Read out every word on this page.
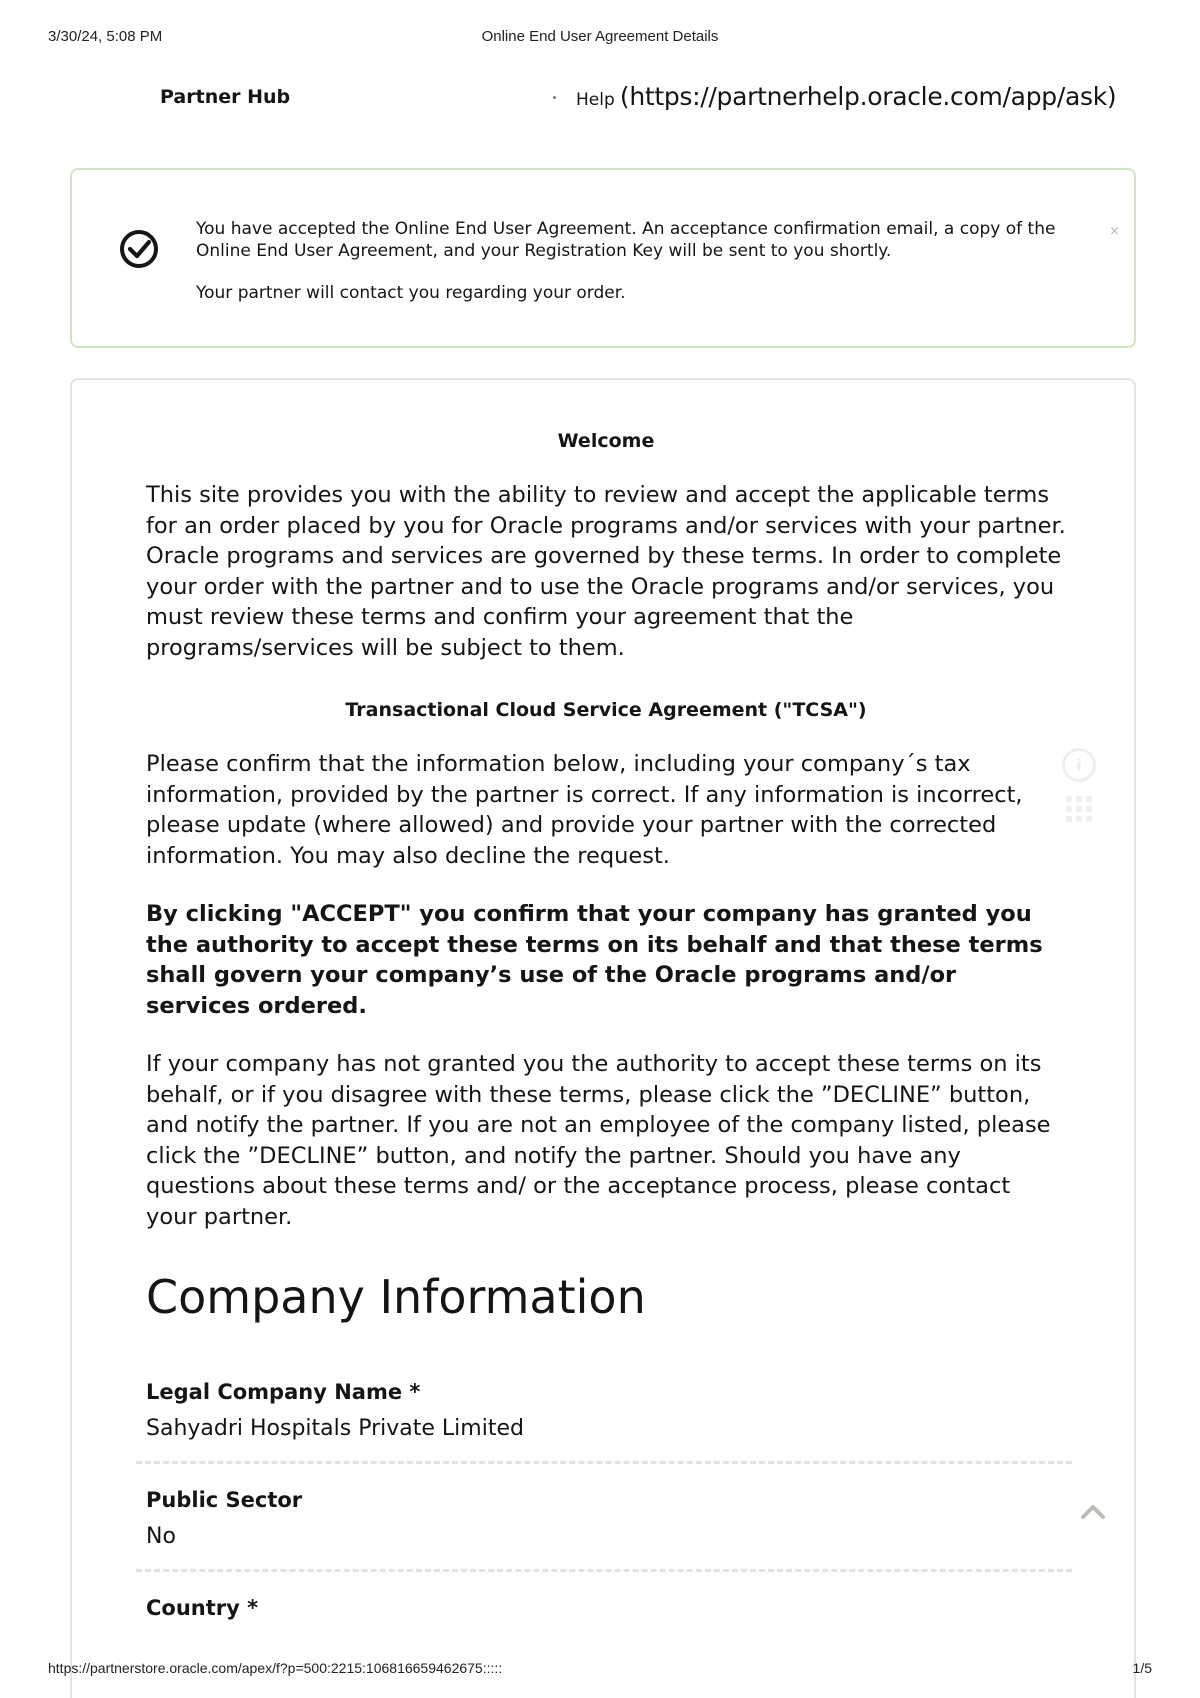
3/30/24, 5:08 PM	Online End User Agreement Details
Partner Hub	Help (https://partnerhelp.oracle.com/app/ask)

You have accepted the Online End User Agreement. An acceptance confirmation email, a copy of the Online End User Agreement, and your Registration Key will be sent to you shortly.

Your partner will contact you regarding your order.

×
Welcome

This site provides you with the ability to review and accept the applicable terms for an order placed by you for Oracle programs and/or services with your partner. Oracle programs and services are governed by these terms. In order to complete your order with the partner and to use the Oracle programs and/or services, you must review these terms and confirm your agreement that the programs/services will be subject to them.

Transactional Cloud Service Agreement ("TCSA")

Please confirm that the information below, including your company´s tax information, provided by the partner is correct. If any information is incorrect, please update (where allowed) and provide your partner with the corrected information. You may also decline the request.

By clicking "ACCEPT" you confirm that your company has granted you the authority to accept these terms on its behalf and that these terms shall govern your company’s use of the Oracle programs and/or services ordered.

If your company has not granted you the authority to accept these terms on its behalf, or if you disagree with these terms, please click the ”DECLINE” button, and notify the partner. If you are not an employee of the company listed, please click the ”DECLINE” button, and notify the partner. Should you have any questions about these terms and/ or the acceptance process, please contact your partner.

i
Company Information
Legal Company Name *
Sahyadri Hospitals Private Limited
Public Sector
No
Country *
https://partnerstore.oracle.com/apex/f?p=500:2215:106816659462675:::::	1/5
